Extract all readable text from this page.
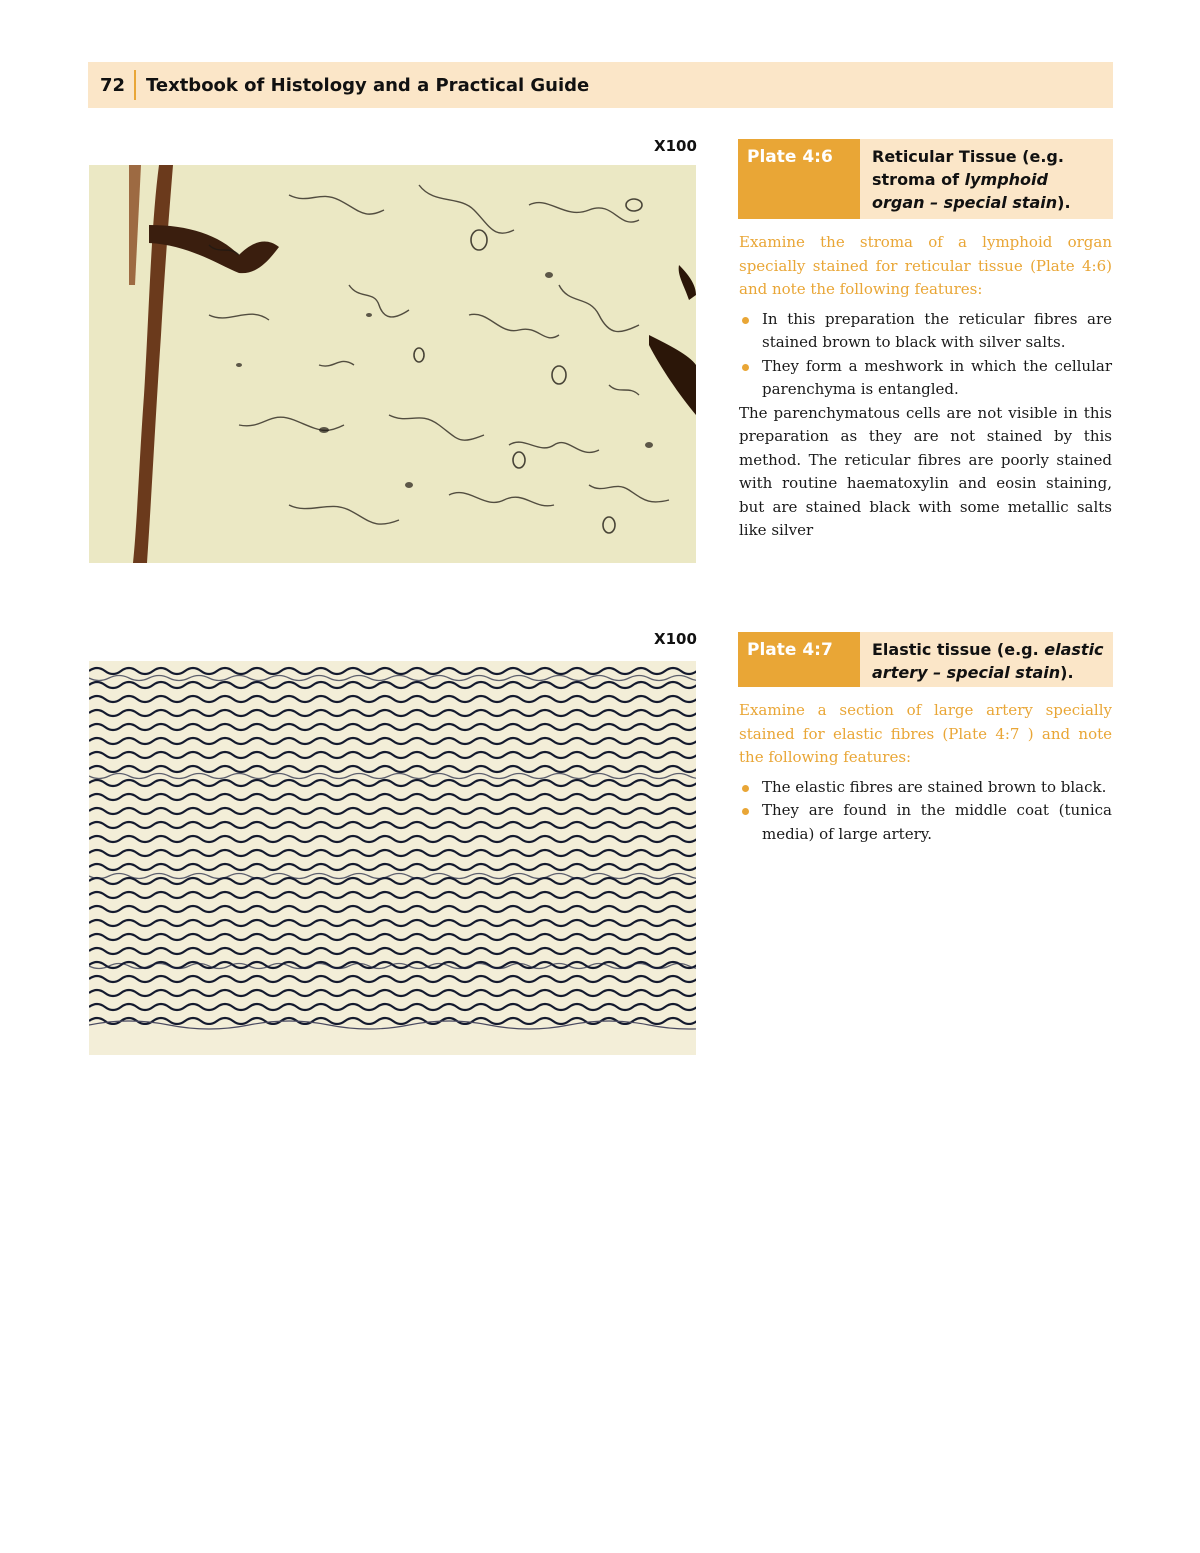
72 Textbook of Histology and a Practical Guide
X100
Plate 4:6	Reticular Tissue (e.g. stroma of lymphoid organ – special stain).

Examine the stroma of a lymphoid organ specially stained for reticular tissue (Plate 4:6) and note the following features:

In this preparation the reticular fibres are stained brown to black with silver salts.
They form a meshwork in which the cellular parenchyma is entangled.

The parenchymatous cells are not visible in this preparation as they are not stained by this method. The reticular fibres are poorly stained with routine haematoxylin and eosin staining, but are stained black with some metallic salts like silver

X100
Plate 4:7	Elastic tissue (e.g. elastic artery – special stain).

Examine a section of large artery specially stained for elastic fibres (Plate 4:7 ) and note the following features:

The elastic fibres are stained brown to black.
They are found in the middle coat (tunica media) of large artery.
